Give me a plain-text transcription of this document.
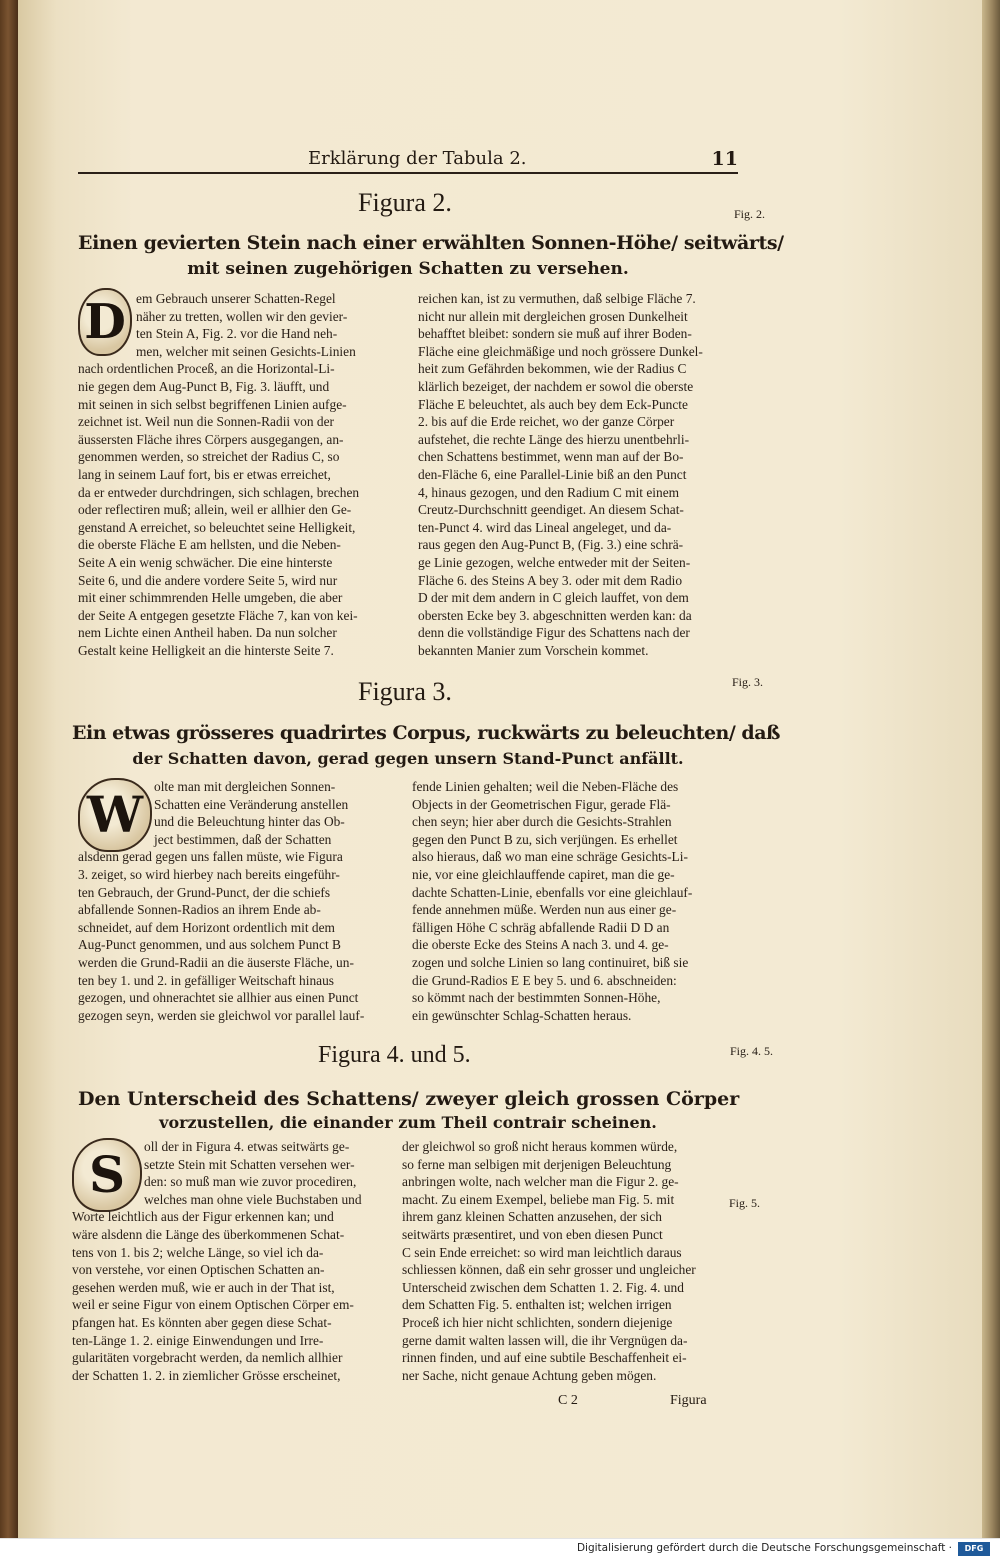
Erklärung der Tabula 2.	11
Figura 2.	Fig. 2.
Einen gevierten Stein nach einer erwählten Sonnen-Höhe/ seitwärts/
mit seinen zugehörigen Schatten zu versehen.
D em Gebrauch unserer Schatten-Regel
näher zu tretten, wollen wir den gevier-
ten Stein A, Fig. 2. vor die Hand neh-
men, welcher mit seinen Gesichts-Linien
nach ordentlichen Proceß, an die Horizontal-Li-
nie gegen dem Aug-Punct B, Fig. 3. läufft, und
mit seinen in sich selbst begriffenen Linien aufge-
zeichnet ist. Weil nun die Sonnen-Radii von der
äussersten Fläche ihres Cörpers ausgegangen, an-
genommen werden, so streichet der Radius C, so
lang in seinem Lauf fort, bis er etwas erreichet,
da er entweder durchdringen, sich schlagen, brechen
oder reflectiren muß; allein, weil er allhier den Ge-
genstand A erreichet, so beleuchtet seine Helligkeit,
die oberste Fläche E am hellsten, und die Neben-
Seite A ein wenig schwächer. Die eine hinterste
Seite 6, und die andere vordere Seite 5, wird nur
mit einer schimmrenden Helle umgeben, die aber
der Seite A entgegen gesetzte Fläche 7, kan von kei-
nem Lichte einen Antheil haben. Da nun solcher
Gestalt keine Helligkeit an die hinterste Seite 7.
reichen kan, ist zu vermuthen, daß selbige Fläche 7.
nicht nur allein mit dergleichen grosen Dunkelheit
behafftet bleibet: sondern sie muß auf ihrer Boden-
Fläche eine gleichmäßige und noch grössere Dunkel-
heit zum Gefährden bekommen, wie der Radius C
klärlich bezeiget, der nachdem er sowol die oberste
Fläche E beleuchtet, als auch bey dem Eck-Puncte
2. bis auf die Erde reichet, wo der ganze Cörper
aufstehet, die rechte Länge des hierzu unentbehrli-
chen Schattens bestimmet, wenn man auf der Bo-
den-Fläche 6, eine Parallel-Linie biß an den Punct
4, hinaus gezogen, und den Radium C mit einem
Creutz-Durchschnitt geendiget. An diesem Schat-
ten-Punct 4. wird das Lineal angeleget, und da-
raus gegen den Aug-Punct B, (Fig. 3.) eine schrä-
ge Linie gezogen, welche entweder mit der Seiten-
Fläche 6. des Steins A bey 3. oder mit dem Radio
D der mit dem andern in C gleich lauffet, von dem
obersten Ecke bey 3. abgeschnitten werden kan: da
denn die vollständige Figur des Schattens nach der
bekannten Manier zum Vorschein kommet.
Figura 3.	Fig. 3.
Ein etwas grösseres quadrirtes Corpus, ruckwärts zu beleuchten/ daß
der Schatten davon, gerad gegen unsern Stand-Punct anfällt.
W olte man mit dergleichen Sonnen-
Schatten eine Veränderung anstellen
und die Beleuchtung hinter das Ob-
ject bestimmen, daß der Schatten
alsdenn gerad gegen uns fallen müste, wie Figura
3. zeiget, so wird hierbey nach bereits eingeführ-
ten Gebrauch, der Grund-Punct, der die schiefs
abfallende Sonnen-Radios an ihrem Ende ab-
schneidet, auf dem Horizont ordentlich mit dem
Aug-Punct genommen, und aus solchem Punct B
werden die Grund-Radii an die äuserste Fläche, un-
ten bey 1. und 2. in gefälliger Weitschaft hinaus
gezogen, und ohnerachtet sie allhier aus einen Punct
gezogen seyn, werden sie gleichwol vor parallel lauf-
fende Linien gehalten; weil die Neben-Fläche des
Objects in der Geometrischen Figur, gerade Flä-
chen seyn; hier aber durch die Gesichts-Strahlen
gegen den Punct B zu, sich verjüngen. Es erhellet
also hieraus, daß wo man eine schräge Gesichts-Li-
nie, vor eine gleichlauffende capiret, man die ge-
dachte Schatten-Linie, ebenfalls vor eine gleichlauf-
fende annehmen müße. Werden nun aus einer ge-
fälligen Höhe C schräg abfallende Radii D D an
die oberste Ecke des Steins A nach 3. und 4. ge-
zogen und solche Linien so lang continuiret, biß sie
die Grund-Radios E E bey 5. und 6. abschneiden:
so kömmt nach der bestimmten Sonnen-Höhe,
ein gewünschter Schlag-Schatten heraus.
Figura 4. und 5.	Fig. 4. 5.
Fig. 5.
Den Unterscheid des Schattens/ zweyer gleich grossen Cörper
vorzustellen, die einander zum Theil contrair scheinen.
S	oll der in Figura 4. etwas seitwärts ge-
setzte Stein mit Schatten versehen wer-
den: so muß man wie zuvor procediren,
welches man ohne viele Buchstaben und
Worte leichtlich aus der Figur erkennen kan; und
wäre alsdenn die Länge des überkommenen Schat-
tens von 1. bis 2; welche Länge, so viel ich da-
von verstehe, vor einen Optischen Schatten an-
gesehen werden muß, wie er auch in der That ist,
weil er seine Figur von einem Optischen Cörper em-
pfangen hat. Es könnten aber gegen diese Schat-
ten-Länge 1. 2. einige Einwendungen und Irre-
gularitäten vorgebracht werden, da nemlich allhier
der Schatten 1. 2. in ziemlicher Grösse erscheinet,
der gleichwol so groß nicht heraus kommen würde,
so ferne man selbigen mit derjenigen Beleuchtung
anbringen wolte, nach welcher man die Figur 2. ge-
macht. Zu einem Exempel, beliebe man Fig. 5. mit
ihrem ganz kleinen Schatten anzusehen, der sich
seitwärts præsentiret, und von eben diesen Punct
C sein Ende erreichet: so wird man leichtlich daraus
schliessen können, daß ein sehr grosser und ungleicher
Unterscheid zwischen dem Schatten 1. 2. Fig. 4. und
dem Schatten Fig. 5. enthalten ist; welchen irrigen
Proceß ich hier nicht schlichten, sondern diejenige
gerne damit walten lassen will, die ihr Vergnügen da-
rinnen finden, und auf eine subtile Beschaffenheit ei-
ner Sache, nicht genaue Achtung geben mögen.
C 2	Figura
Digitalisierung gefördert durch die Deutsche Forschungsgemeinschaft ·	DFG
